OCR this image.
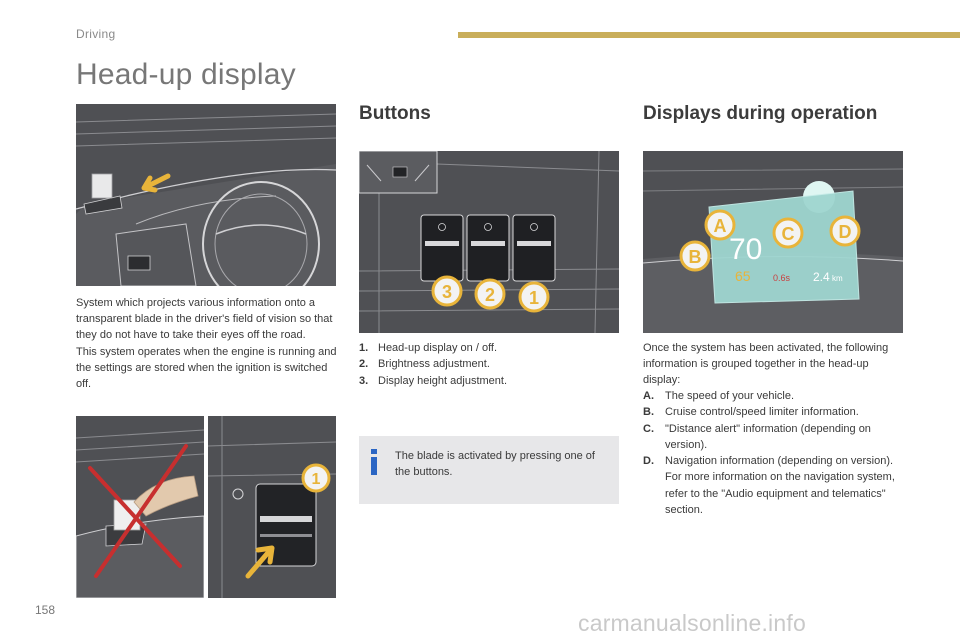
Driving
Head-up display

System which projects various information onto a transparent blade in the driver's field of vision so that they do not have to take their eyes off the road.

This system operates when the engine is running and the settings are stored when the ignition is switched off.

1
Buttons
3 2 1
1. Head-up display on / off.
2. Brightness adjustment.
3. Display height adjustment.
The blade is activated by pressing one of the buttons.
Displays during operation
70
65 0.6s 2.4 km
A
B
C D
Once the system has been activated, the following information is grouped together in the head-up display:
A.	The speed of your vehicle.
B.	Cruise control/speed limiter information.
C.	"Distance alert" information (depending on version).
D.	Navigation information (depending on version).
For more information on the navigation system, refer to the "Audio equipment and telematics" section.
158	carmanualsonline.info
